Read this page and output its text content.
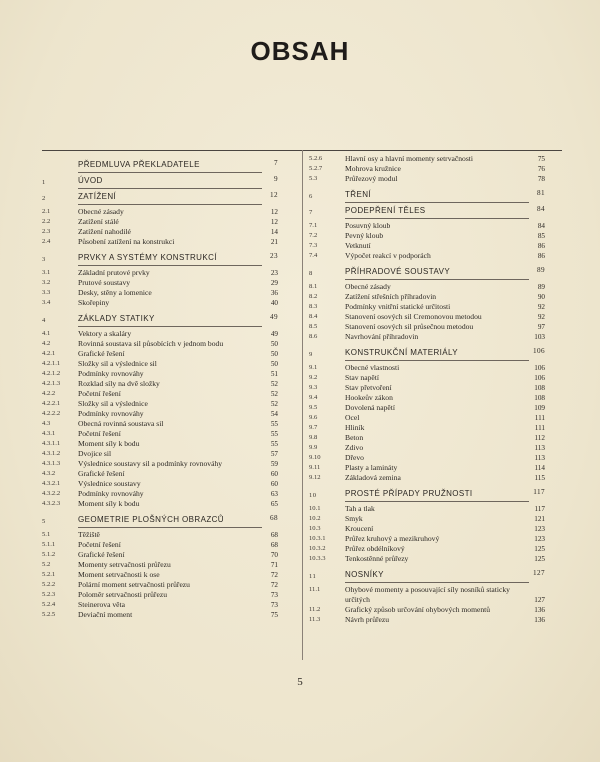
OBSAH
PŘEDMLUVA PŘEKLADATELE	7
1	ÚVOD	9
2	ZATÍŽENÍ	12
2.1	Obecné zásady	12
2.2	Zatížení stálé	12
2.3	Zatížení nahodilé	14
2.4	Působení zatížení na konstrukci	21
3	PRVKY A SYSTÉMY KONSTRUKCÍ	23
3.1	Základní prutové prvky	23
3.2	Prutové soustavy	29
3.3	Desky, stěny a lomenice	36
3.4	Skořepiny	40
4	ZÁKLADY STATIKY	49
4.1	Vektory a skaláry	49
4.2	Rovinná soustava sil působících v jednom bodu	50
4.2.1	Grafické řešení	50
4.2.1.1 Složky sil a výslednice sil	50
4.2.1.2 Podmínky rovnováhy	51
4.2.1.3 Rozklad síly na dvě složky	52
4.2.2	Početní řešení	52
4.2.2.1 Složky sil a výslednice	52
4.2.2.2 Podmínky rovnováhy	54
4.3	Obecná rovinná soustava sil	55
4.3.1	Početní řešení	55
4.3.1.1 Moment síly k bodu	55
4.3.1.2 Dvojice sil	57
4.3.1.3 Výslednice soustavy sil a podmínky rovnováhy	59
4.3.2	Grafické řešení	60
4.3.2.1 Výslednice soustavy	60
4.3.2.2 Podmínky rovnováhy	63
4.3.2.3 Moment síly k bodu	65
5	GEOMETRIE PLOŠNÝCH OBRAZCŮ	68
5.1	Těžiště	68
5.1.1	Početní řešení	68
5.1.2	Grafické řešení	70
5.2	Momenty setrvačnosti průřezu	71
5.2.1	Moment setrvačnosti k ose	72
5.2.2	Polární moment setrvačnosti průřezu	72
5.2.3	Poloměr setrvačnosti průřezu	73
5.2.4	Steinerova věta	73
5.2.5	Deviační moment	75
5.2.6	Hlavní osy a hlavní momenty setrvačnosti	75
5.2.7	Mohrova kružnice	76
5.3	Průřezový modul	78
6	TŘENÍ	81
7	PODEPŘENÍ TĚLES	84
7.1	Posuvný kloub	84
7.2	Pevný kloub	85
7.3	Vetknutí	86
7.4	Výpočet reakcí v podporách	86
8	PŘÍHRADOVÉ SOUSTAVY	89
8.1	Obecné zásady	89
8.2	Zatížení střešních příhradovin	90
8.3	Podmínky vnitřní statické určitosti	92
8.4	Stanovení osových sil Cremonovou metodou	92
8.5	Stanovení osových sil průsečnou metodou	97
8.6	Navrhování příhradovin	103
9	KONSTRUKČNÍ MATERIÁLY	106
9.1	Obecné vlastnosti	106
9.2	Stav napětí	106
9.3	Stav přetvoření	108
9.4	Hookeův zákon	108
9.5	Dovolená napětí	109
9.6	Ocel	111
9.7	Hliník	111
9.8	Beton	112
9.9	Zdivo	113
9.10	Dřevo	113
9.11	Plasty a lamináty	114
9.12	Základová zemina	115
10	PROSTÉ PŘÍPADY PRUŽNOSTI	117
10.1	Tah a tlak	117
10.2	Smyk	121
10.3	Kroucení	123
10.3.1	Průřez kruhový a mezikruhový	123
10.3.2	Průřez obdélníkový	125
10.3.3	Tenkostěnné průřezy	125
11	NOSNÍKY	127
11.1	Ohybové momenty a posouvající síly nosníků staticky určitých	127
11.2	Grafický způsob určování ohybových momentů	136
11.3	Návrh průřezu	136
5
